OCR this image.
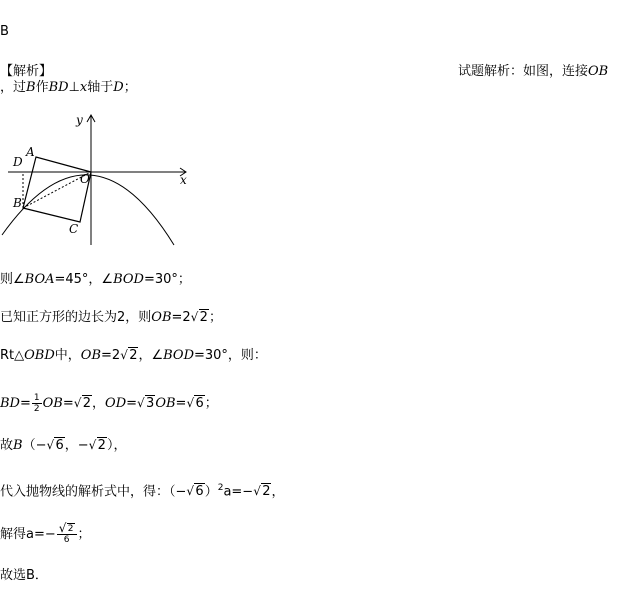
B
【解析】	试题解析：如图，连接OB
，过B作BD⊥x轴于D；
y
x
O
A
D
B
C
则∠BOA=45°，∠BOD=30°；
已知正方形的边长为2，则OB=2√ 2；
Rt△OBD中，OB=2√ 2，∠BOD=30°，则：
$BD= \frac{1}{2} OB=√$ 2，OD=√ 3OB=√ 6；
故B（−√ 6，−√ 2），
代入抛物线的解析式中，得：（−√ 6）$^2$a=−√ 2，
解得a=−
√ $\frac{2}{6}$ ；
故选B．
